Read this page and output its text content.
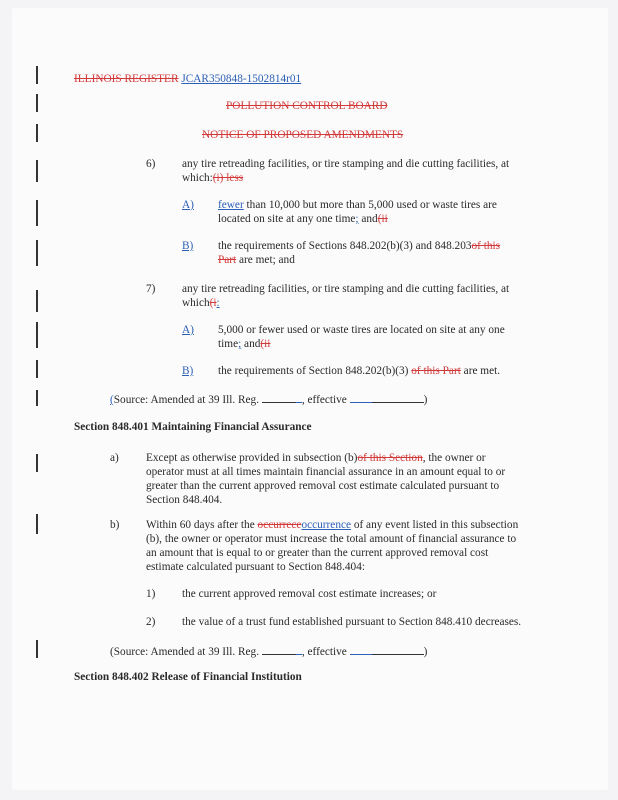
ILLINOIS REGISTER JCAR350848-1502814r01
POLLUTION CONTROL BOARD
NOTICE OF PROPOSED AMENDMENTS
6) any tire retreading facilities, or tire stamping and die cutting facilities, at
which:(i) less
A) fewer than 10,000 but more than 5,000 used or waste tires are
located on site at any one time; and(ii
B) the requirements of Sections 848.202(b)(3) and 848.203of this
Part are met; and
7) any tire retreading facilities, or tire stamping and die cutting facilities, at
which(i:
A) 5,000 or fewer used or waste tires are located on site at any one
time; and(ii
B) the requirements of Section 848.202(b)(3) of this Part are met.
(Source: Amended at 39 Ill. Reg.	, effective	)
Section 848.401 Maintaining Financial Assurance
a) Except as otherwise provided in subsection (b)of this Section, the owner or
operator must at all times maintain financial assurance in an amount equal to or
greater than the current approved removal cost estimate calculated pursuant to
Section 848.404.
b) Within 60 days after the occurreceoccurrence of any event listed in this subsection
(b), the owner or operator must increase the total amount of financial assurance to
an amount that is equal to or greater than the current approved removal cost
estimate calculated pursuant to Section 848.404:
1) the current approved removal cost estimate increases; or
2) the value of a trust fund established pursuant to Section 848.410 decreases.
(Source: Amended at 39 Ill. Reg.	, effective	)
Section 848.402 Release of Financial Institution
